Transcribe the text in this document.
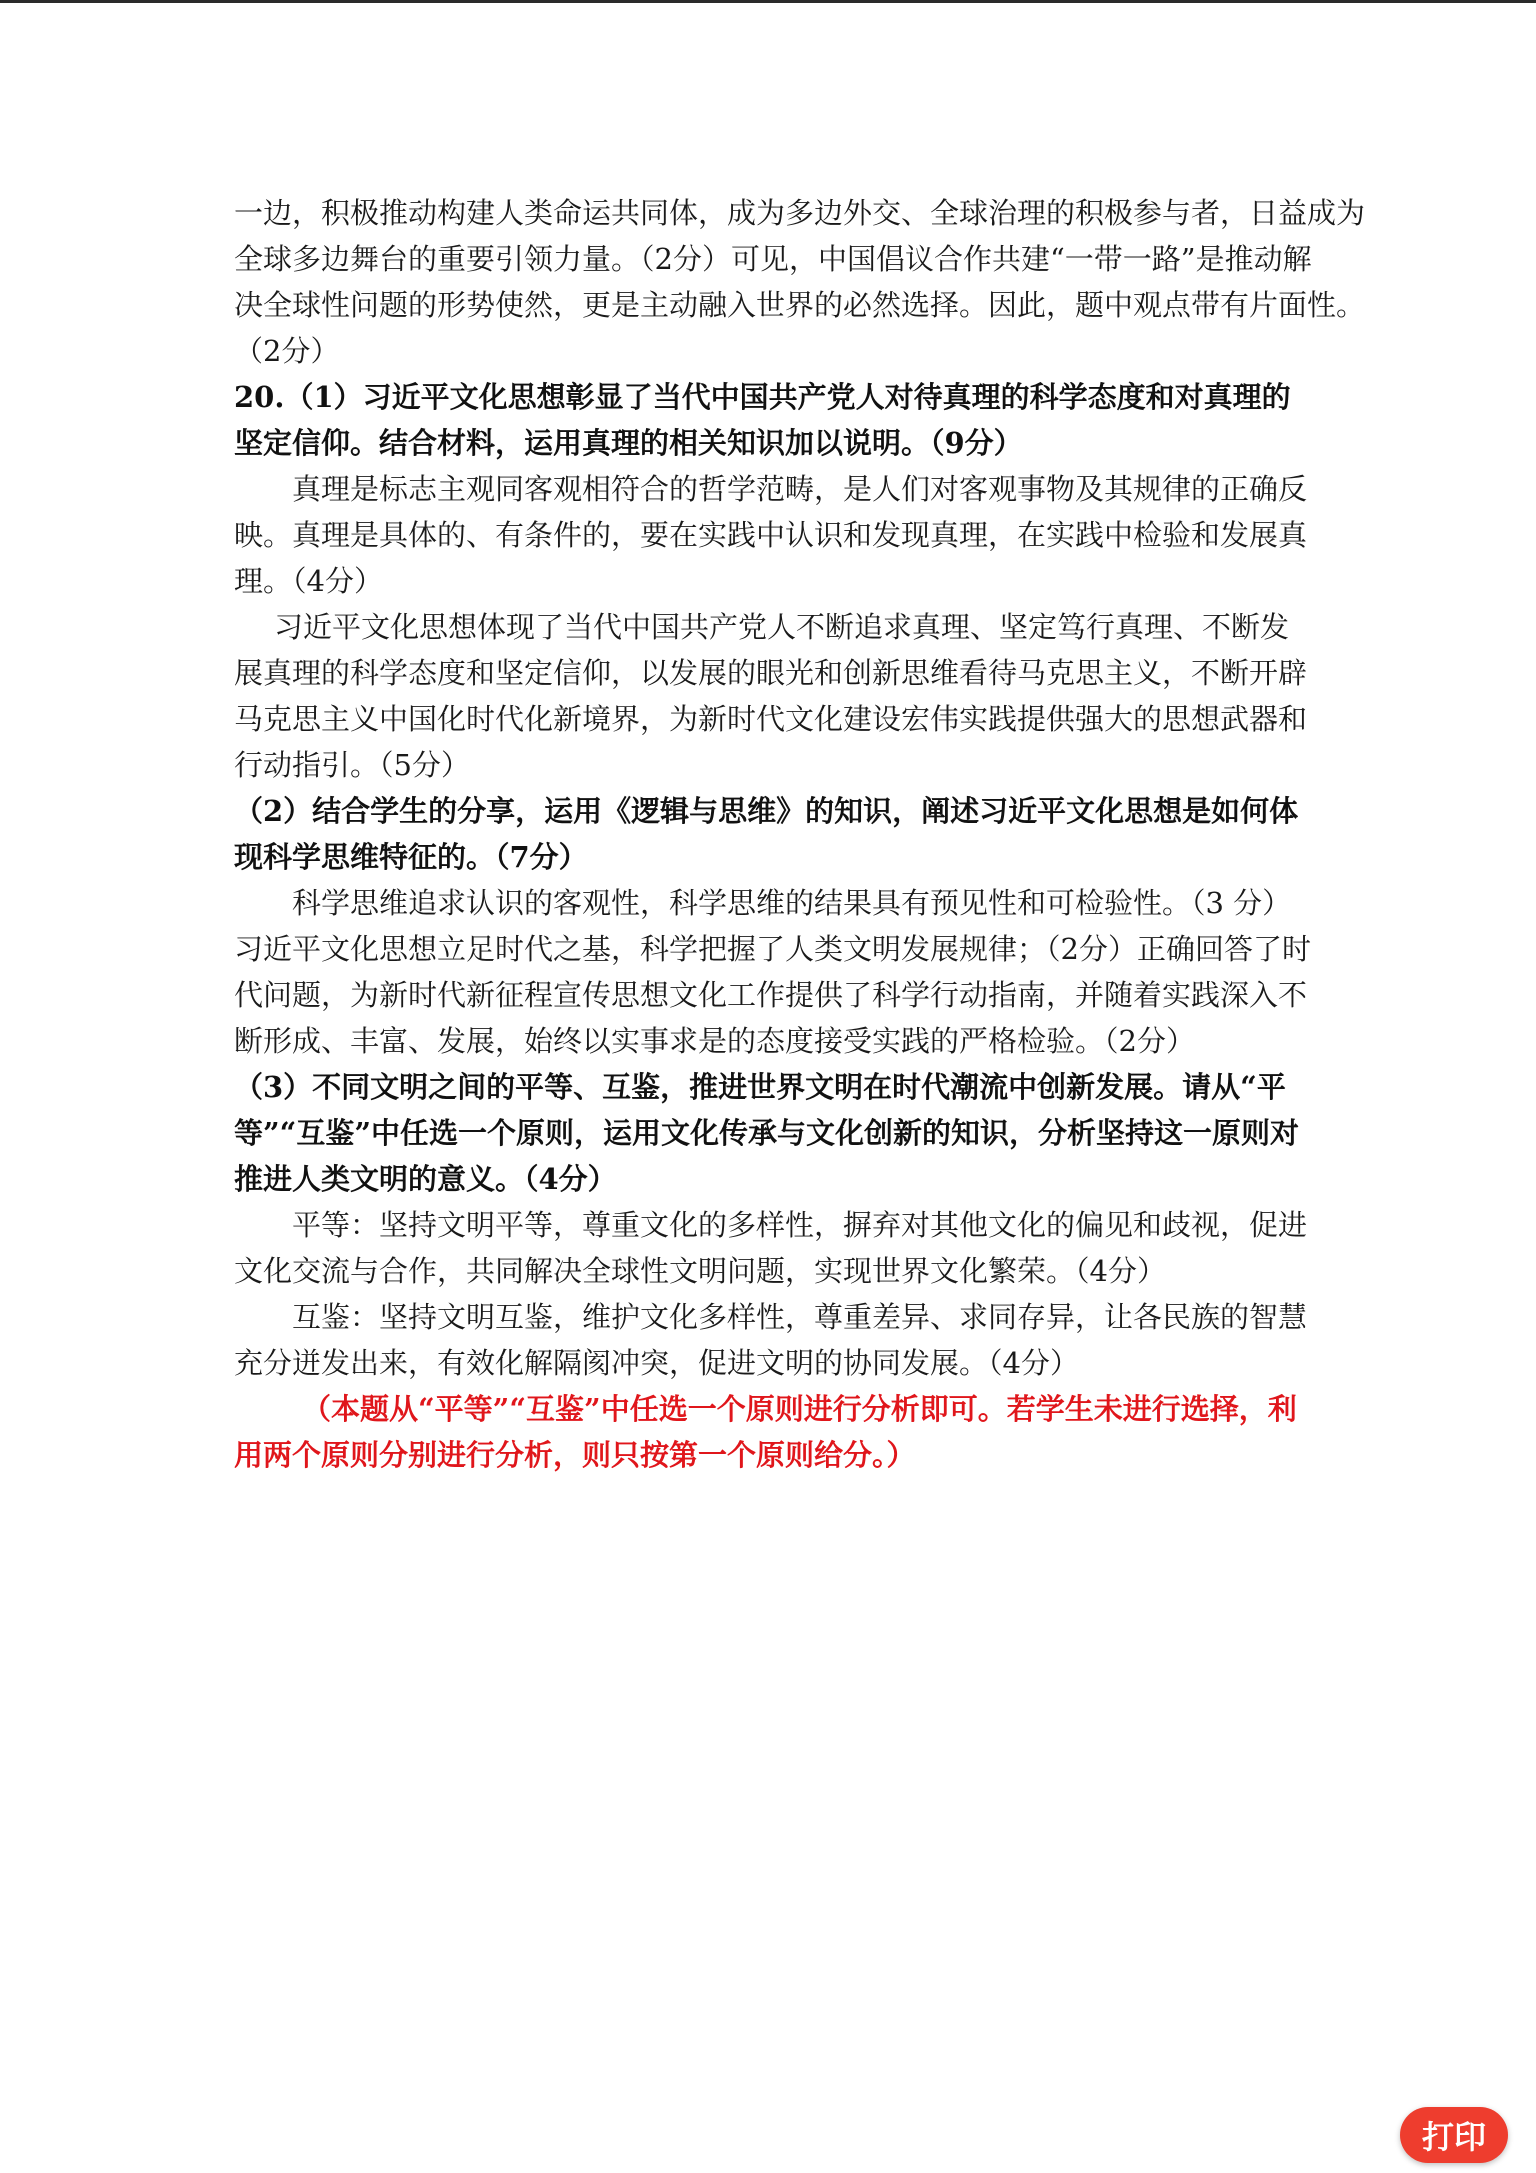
一边，积极推动构建人类命运共同体，成为多边外交、全球治理的积极参与者，日益成为

全球多边舞台的重要引领力量。（2分）可见，中国倡议合作共建“一带一路”是推动解

决全球性问题的形势使然，更是主动融入世界的必然选择。因此，题中观点带有片面性。

（2分）

20.（1）习近平文化思想彰显了当代中国共产党人对待真理的科学态度和对真理的坚定信仰。结合材料，运用真理的相关知识加以说明。（9分）

真理是标志主观同客观相符合的哲学范畴，是人们对客观事物及其规律的正确反映。真理是具体的、有条件的，要在实践中认识和发现真理，在实践中检验和发展真理。（4分）

习近平文化思想体现了当代中国共产党人不断追求真理、坚定笃行真理、不断发展真理的科学态度和坚定信仰，以发展的眼光和创新思维看待马克思主义，不断开辟马克思主义中国化时代化新境界，为新时代文化建设宏伟实践提供强大的思想武器和行动指引。（5分）

（2）结合学生的分享，运用《逻辑与思维》的知识，阐述习近平文化思想是如何体现科学思维特征的。（7分）

科学思维追求认识的客观性，科学思维的结果具有预见性和可检验性。（3 分）习近平文化思想立足时代之基，科学把握了人类文明发展规律；（2分）正确回答了时代问题，为新时代新征程宣传思想文化工作提供了科学行动指南，并随着实践深入不断形成、丰富、发展，始终以实事求是的态度接受实践的严格检验。（2分）

（3）不同文明之间的平等、互鉴，推进世界文明在时代潮流中创新发展。请从“平等”“互鉴”中任选一个原则，运用文化传承与文化创新的知识，分析坚持这一原则对推进人类文明的意义。（4分）

平等：坚持文明平等，尊重文化的多样性，摒弃对其他文化的偏见和歧视，促进文化交流与合作，共同解决全球性文明问题，实现世界文化繁荣。（4分）

互鉴：坚持文明互鉴，维护文化多样性，尊重差异、求同存异，让各民族的智慧充分迸发出来，有效化解隔阂冲突，促进文明的协同发展。（4分）

（本题从“平等”“互鉴”中任选一个原则进行分析即可。若学生未进行选择，利用两个原则分别进行分析，则只按第一个原则给分。）

打印
